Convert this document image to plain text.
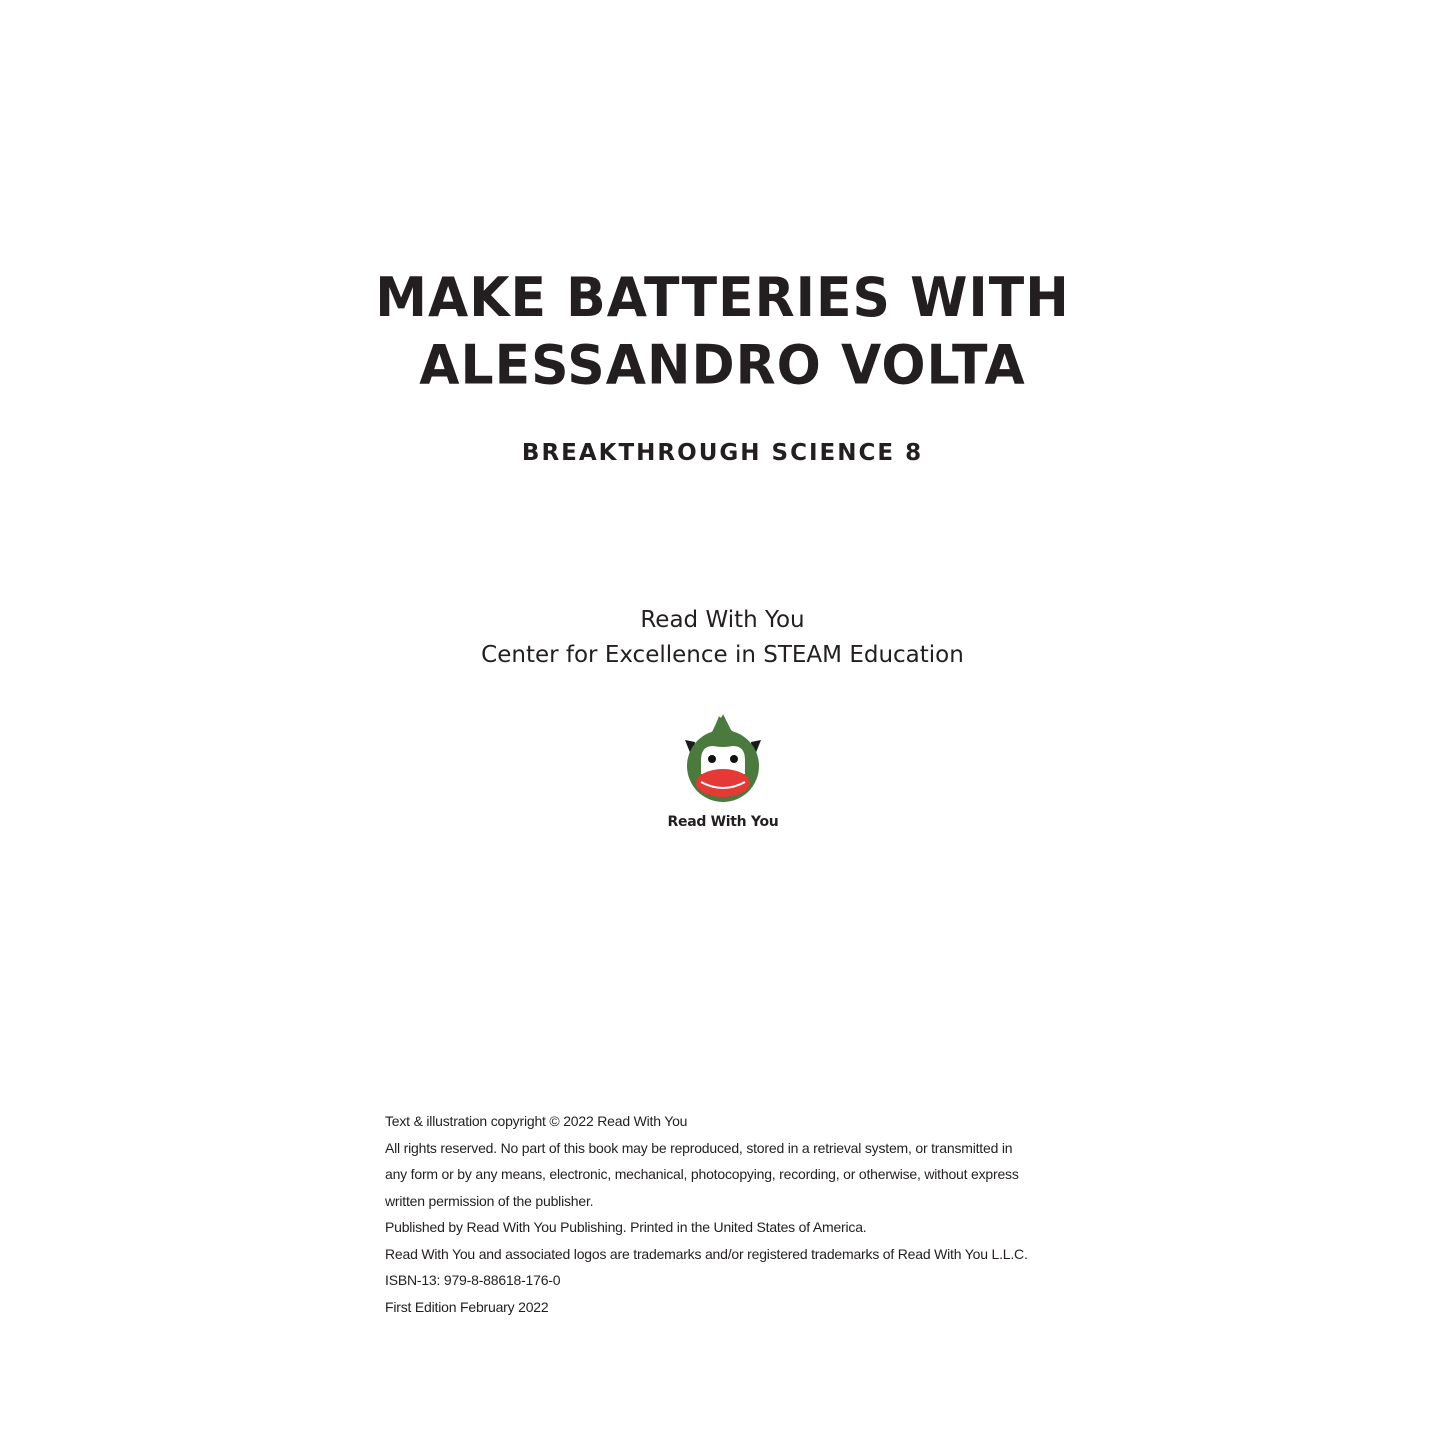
MAKE BATTERIES WITH
ALESSANDRO VOLTA
BREAKTHROUGH SCIENCE 8
Read With You
Center for Excellence in STEAM Education
Read With You
Text & illustration copyright © 2022 Read With You
All rights reserved. No part of this book may be reproduced, stored in a retrieval system, or transmitted in
any form or by any means, electronic, mechanical, photocopying, recording, or otherwise, without express
written permission of the publisher.
Published by Read With You Publishing. Printed in the United States of America.
Read With You and associated logos are trademarks and/or registered trademarks of Read With You L.L.C.
ISBN-13: 979-8-88618-176-0
First Edition February 2022
